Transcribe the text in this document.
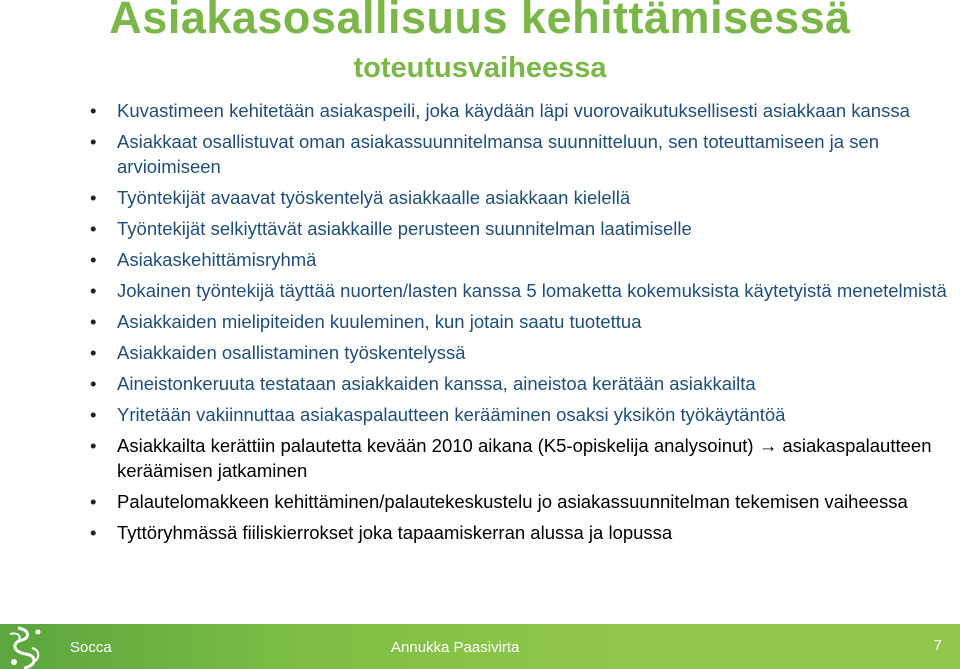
Asiakasosallisuus kehittämisessä
toteutusvaiheessa
• Kuvastimeen kehitetään asiakaspeili, joka käydään läpi vuorovaikutuksellisesti asiakkaan kanssa
• Asiakkaat osallistuvat oman asiakassuunnitelmansa suunnitteluun, sen toteuttamiseen ja sen arvioimiseen
• Työntekijät avaavat työskentelyä asiakkaalle asiakkaan kielellä
• Työntekijät selkiyttävät asiakkaille perusteen suunnitelman laatimiselle
• Asiakaskehittämisryhmä
• Jokainen työntekijä täyttää nuorten/lasten kanssa 5 lomaketta kokemuksista käytetyistä menetelmistä
• Asiakkaiden mielipiteiden kuuleminen, kun jotain saatu tuotettua
• Asiakkaiden osallistaminen työskentelyssä
• Aineistonkeruuta testataan asiakkaiden kanssa, aineistoa kerätään asiakkailta
• Yritetään vakiinnuttaa asiakaspalautteen kerääminen osaksi yksikön työkäytäntöä
• Asiakkailta kerättiin palautetta kevään 2010 aikana (K5-opiskelija analysoinut) → asiakaspalautteen keräämisen jatkaminen
• Palautelomakkeen kehittäminen/palautekeskustelu jo asiakassuunnitelman tekemisen vaiheessa
• Tyttöryhmässä fiiliskierrokset joka tapaamiskerran alussa ja lopussa
Socca	Annukka Paasivirta	7
